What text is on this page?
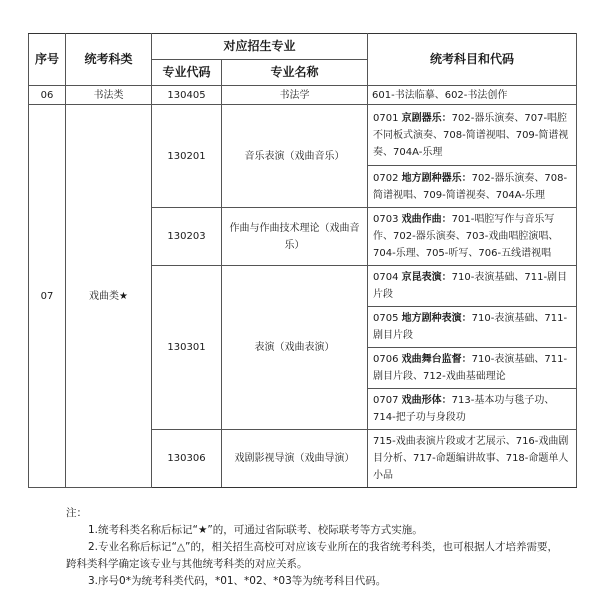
序号	统考科类	对应招生专业		统考科目和代码
		专业代码	专业名称	
06	书法类	130405	书法学	601-书法临摹、602-书法创作
07	戏曲类★	130201	音乐表演（戏曲音乐）	0701 京剧器乐：702-器乐演奏、707-唱腔不同板式演奏、708-简谱视唱、709-简谱视奏、704A-乐理
				0702 地方剧种器乐：702-器乐演奏、708-简谱视唱、709-简谱视奏、704A-乐理
		130203	作曲与作曲技术理论（戏曲音乐）	0703 戏曲作曲：701-唱腔写作与音乐写作、702-器乐演奏、703-戏曲唱腔演唱、704-乐理、705-听写、706-五线谱视唱
		130301	表演（戏曲表演）	0704 京昆表演：710-表演基础、711-剧目片段
				0705 地方剧种表演：710-表演基础、711-剧目片段
				0706 戏曲舞台监督：710-表演基础、711-剧目片段、712-戏曲基础理论
				0707 戏曲形体：713-基本功与毯子功、714-把子功与身段功
		130306	戏剧影视导演（戏曲导演）	715-戏曲表演片段或才艺展示、716-戏曲剧目分析、717-命题编讲故事、718-命题单人小品

注：

1.统考科类名称后标记“★”的，可通过省际联考、校际联考等方式实施。

2.专业名称后标记“△”的，相关招生高校可对应该专业所在的我省统考科类，也可根据人才培养需要，跨科类科学确定该专业与其他统考科类的对应关系。

3.序号0*为统考科类代码，*01、*02、*03等为统考科目代码。
